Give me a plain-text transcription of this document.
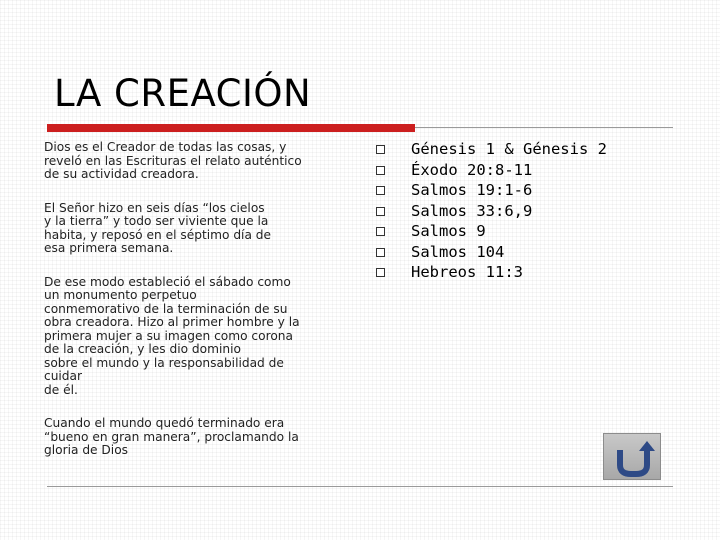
LA CREACIÓN

Dios es el Creador de todas las cosas, y
reveló en las Escrituras el relato auténtico
de su actividad creadora.

El Señor hizo en seis días “los cielos
y la tierra” y todo ser viviente que la
habita, y reposó en el séptimo día de
esa primera semana.

De ese modo estableció el sábado como
un monumento perpetuo
conmemorativo de la terminación de su
obra creadora. Hizo al primer hombre y la
primera mujer a su imagen como corona
de la creación, y les dio dominio
sobre el mundo y la responsabilidad de
cuidar
de él.

Cuando el mundo quedó terminado era
“bueno en gran manera”, proclamando la
gloria de Dios

Génesis 1 & Génesis 2
Éxodo 20:8-11
Salmos 19:1-6
Salmos 33:6,9
Salmos 9
Salmos 104
Hebreos 11:3
